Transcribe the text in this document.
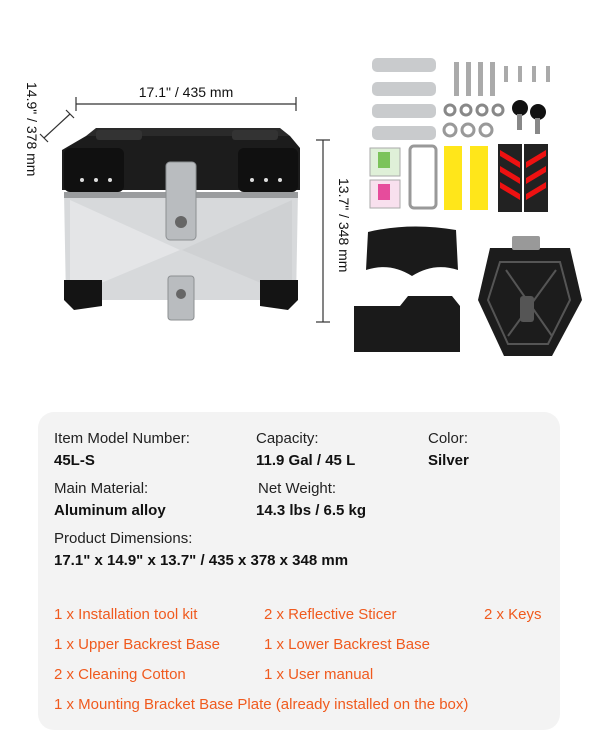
17.1" / 435 mm
14.9" / 378 mm
13.7" / 348 mm
Item Model Number:
45L-S
Capacity:
11.9 Gal / 45 L
Color:
Silver
Main Material:
Aluminum alloy
Net Weight:
14.3 lbs / 6.5 kg
Product Dimensions:
17.1" x 14.9" x 13.7" / 435 x 378 x 348 mm
1 x Installation tool kit	2 x Reflective Sticer	2 x Keys
1 x Upper Backrest Base	1 x Lower Backrest Base
2 x Cleaning Cotton	1 x User manual
1 x Mounting Bracket Base Plate (already installed on the box)
